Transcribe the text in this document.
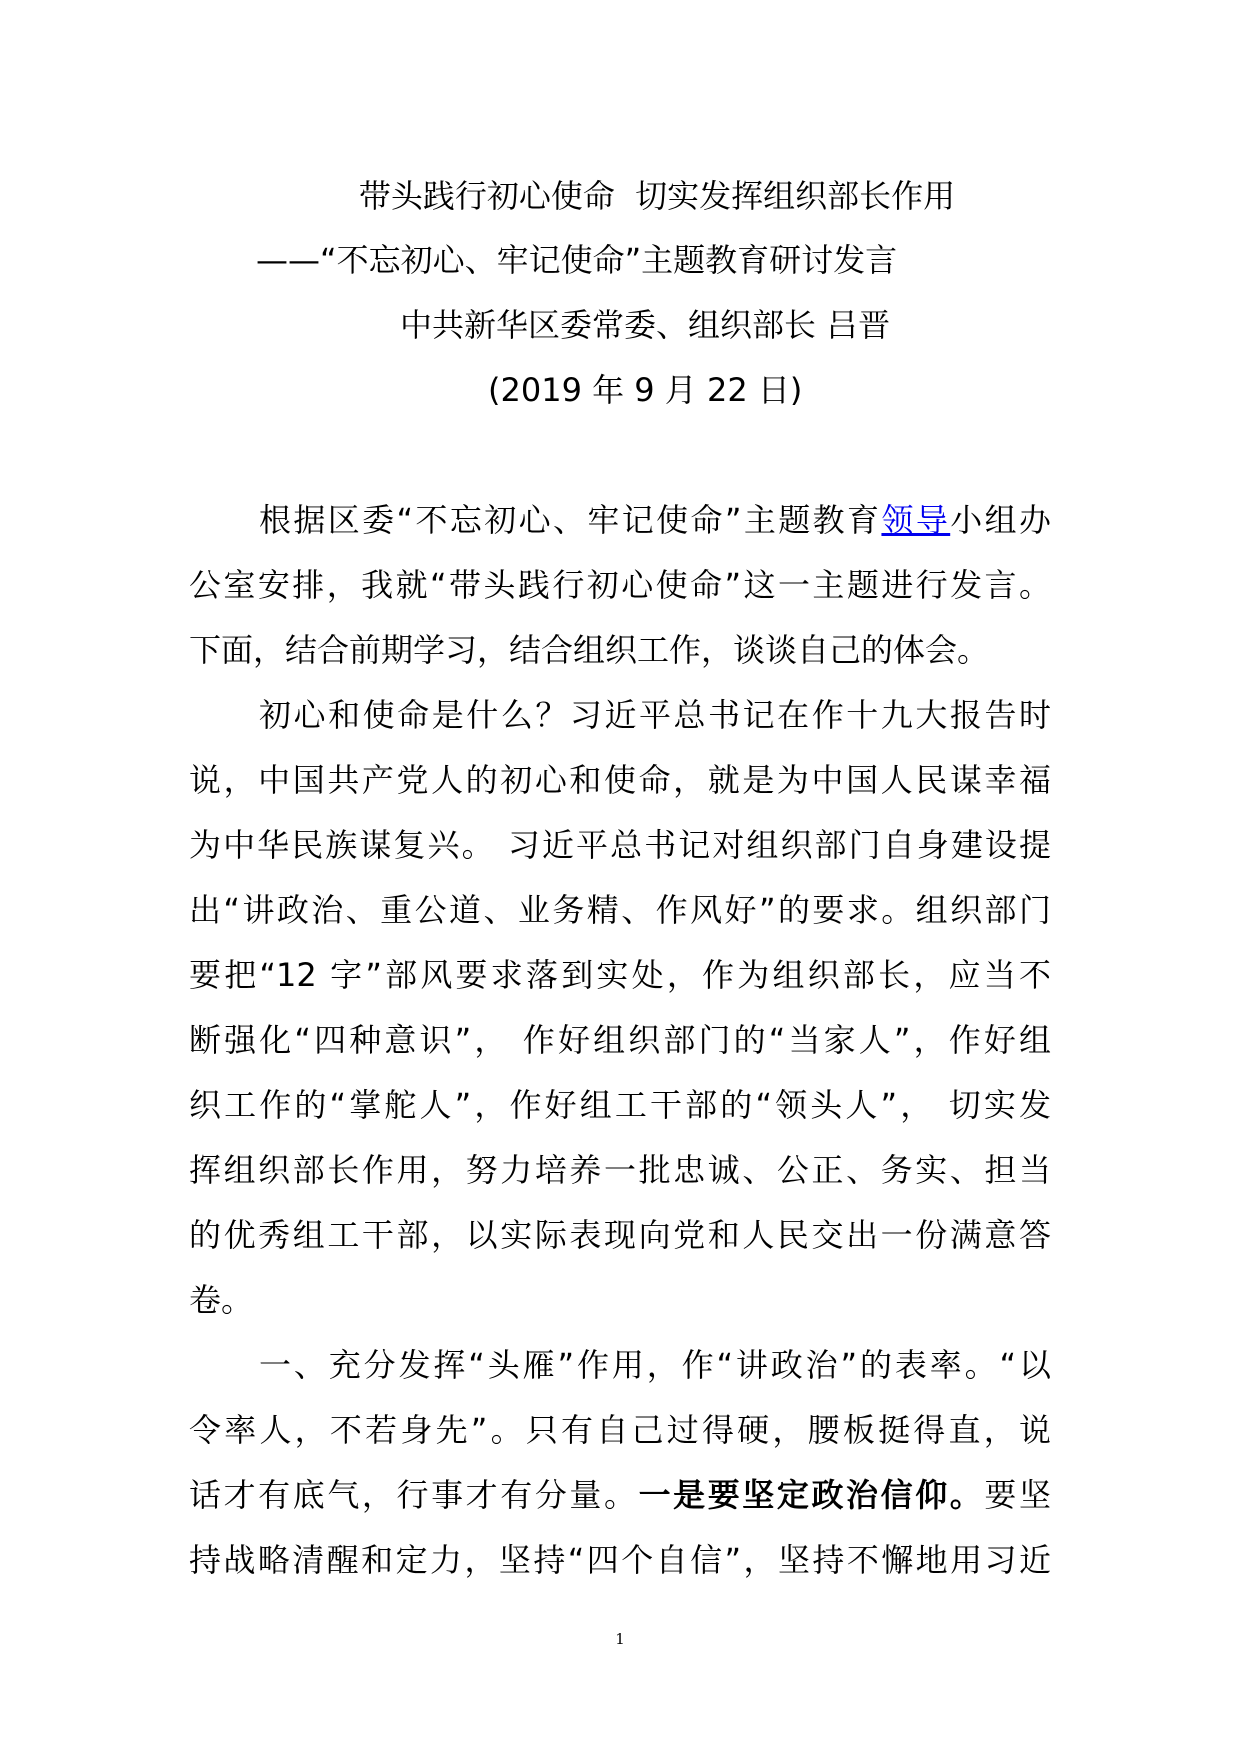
带头践行初心使命  切实发挥组织部长作用
——“不忘初心、牢记使命”主题教育研讨发言
中共新华区委常委、组织部长 吕晋
(2019 年 9 月 22 日)
根据区委“不忘初心、牢记使命”主题教育领导小组办
公室安排，我就“带头践行初心使命”这一主题进行发言。
下面，结合前期学习，结合组织工作，谈谈自己的体会。
初心和使命是什么？习近平总书记在作十九大报告时
说，中国共产党人的初心和使命，就是为中国人民谋幸福
为中华民族谋复兴。 习近平总书记对组织部门自身建设提
出“讲政治、重公道、业务精、作风好”的要求。组织部门
要把“12 字”部风要求落到实处，作为组织部长，应当不
断强化“四种意识”， 作好组织部门的“当家人”，作好组
织工作的“掌舵人”，作好组工干部的“领头人”， 切实发
挥组织部长作用，努力培养一批忠诚、公正、务实、担当
的优秀组工干部，以实际表现向党和人民交出一份满意答
卷。
一、充分发挥“头雁”作用，作“讲政治”的表率。“以
令率人，不若身先”。只有自己过得硬，腰板挺得直，说
话才有底气，行事才有分量。一是要坚定政治信仰。要坚
持战略清醒和定力，坚持“四个自信”，坚持不懈地用习近
1
